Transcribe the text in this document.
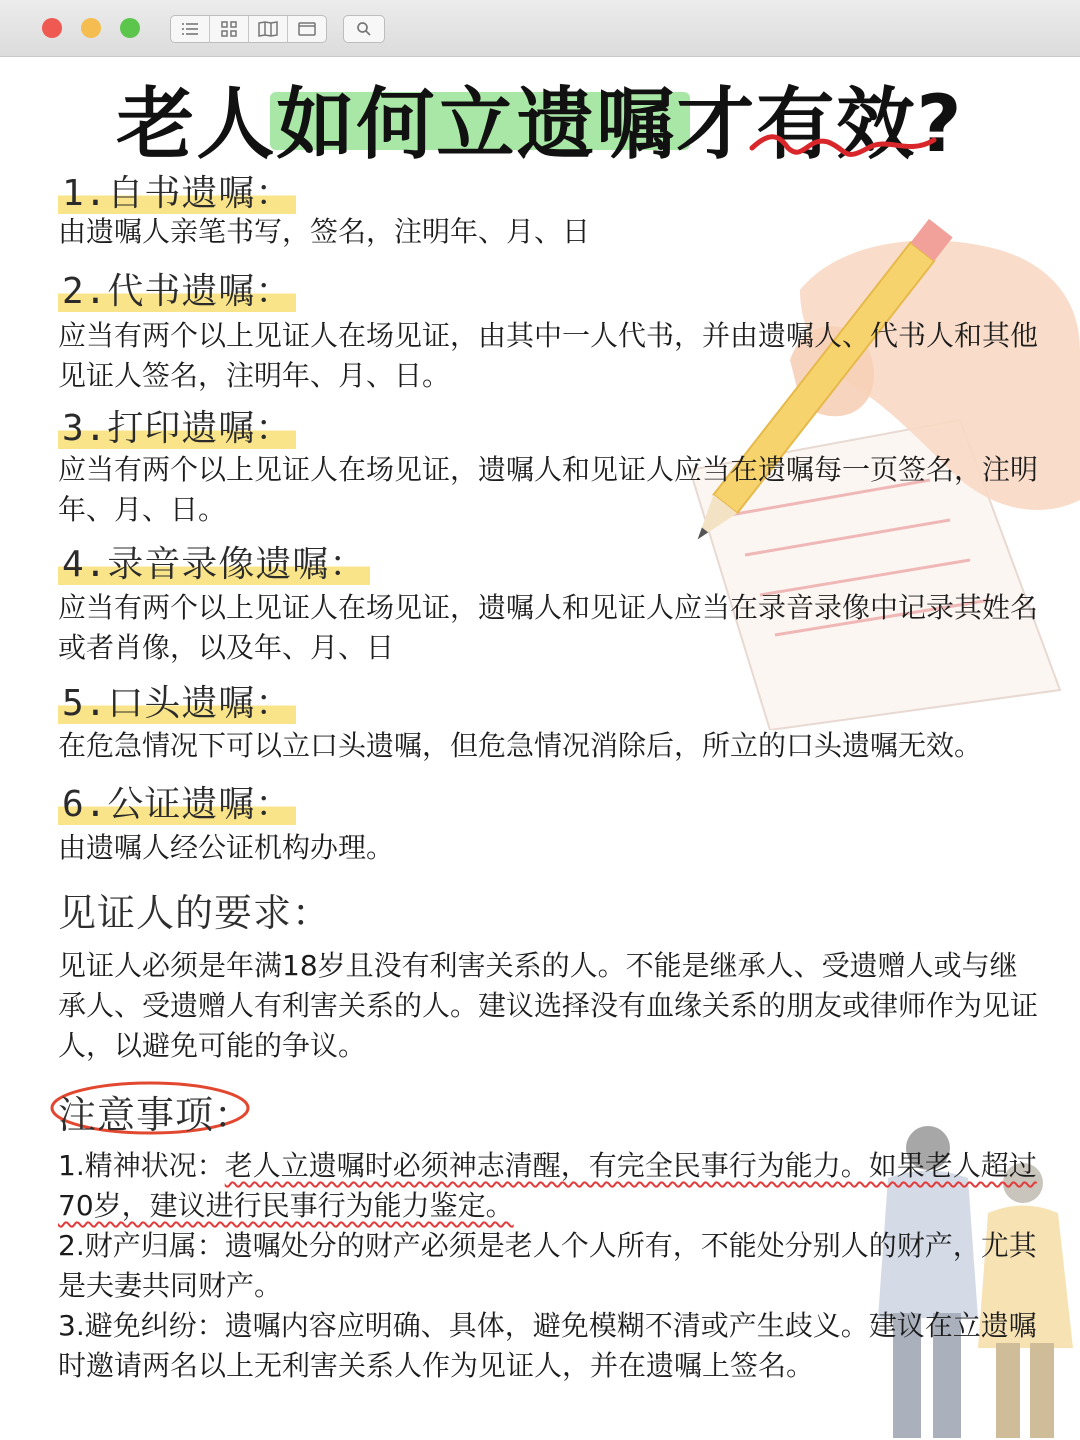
老人如何立遗嘱才有效?
1.自书遗嘱：
由遗嘱人亲笔书写，签名，注明年、月、日
2.代书遗嘱：
应当有两个以上见证人在场见证，由其中一人代书，并由遗嘱人、代书人和其他见证人签名，注明年、月、日。
3.打印遗嘱：
应当有两个以上见证人在场见证，遗嘱人和见证人应当在遗嘱每一页签名，注明年、月、日。
4.录音录像遗嘱：
应当有两个以上见证人在场见证，遗嘱人和见证人应当在录音录像中记录其姓名或者肖像，以及年、月、日
5.口头遗嘱：
在危急情况下可以立口头遗嘱，但危急情况消除后，所立的口头遗嘱无效。
6.公证遗嘱：
由遗嘱人经公证机构办理。
见证人的要求：
见证人必须是年满18岁且没有利害关系的人。不能是继承人、受遗赠人或与继承人、受遗赠人有利害关系的人。建议选择没有血缘关系的朋友或律师作为见证人，以避免可能的争议。
注意事项：
1.精神状况：老人立遗嘱时必须神志清醒，有完全民事行为能力。如果老人超过70岁，建议进行民事行为能力鉴定。
2.财产归属：遗嘱处分的财产必须是老人个人所有，不能处分别人的财产，尤其是夫妻共同财产。
3.避免纠纷：遗嘱内容应明确、具体，避免模糊不清或产生歧义。建议在立遗嘱时邀请两名以上无利害关系人作为见证人，并在遗嘱上签名。
